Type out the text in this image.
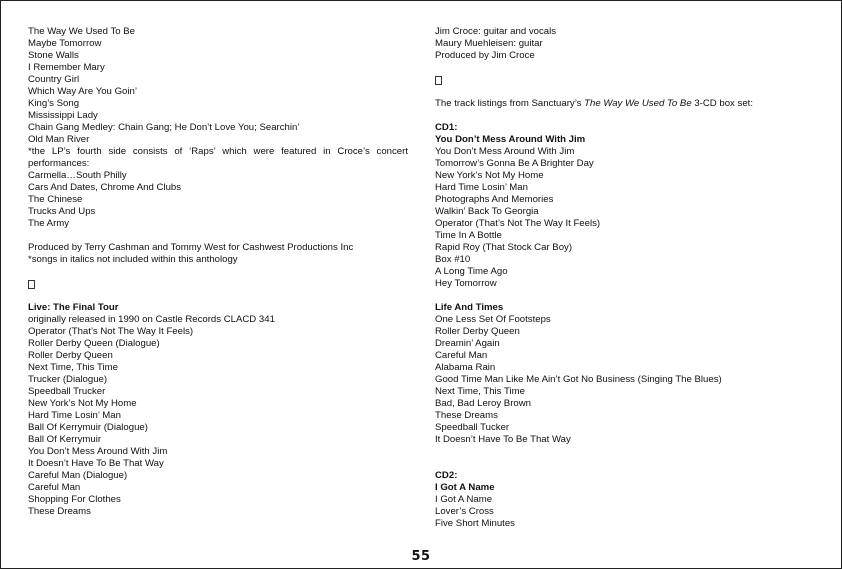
The Way We Used To Be
Maybe Tomorrow
Stone Walls
I Remember Mary
Country Girl
Which Way Are You Goin’
King’s Song
Mississippi Lady
Chain Gang Medley: Chain Gang; He Don’t Love You; Searchin’
Old Man River
*the LP’s fourth side consists of ‘Raps’ which were featured in Croce’s concert performances:
Carmella…South Philly
Cars And Dates, Chrome And Clubs
The Chinese
Trucks And Ups
The Army
Produced by Terry Cashman and Tommy West for Cashwest Productions Inc
*songs in italics not included within this anthology
Live: The Final Tour
originally released in 1990 on Castle Records CLACD 341
Operator (That’s Not The Way It Feels)
Roller Derby Queen (Dialogue)
Roller Derby Queen
Next Time, This Time
Trucker (Dialogue)
Speedball Trucker
New York’s Not My Home
Hard Time Losin’ Man
Ball Of Kerrymuir (Dialogue)
Ball Of Kerrymuir
You Don’t Mess Around With Jim
It Doesn’t Have To Be That Way
Careful Man (Dialogue)
Careful Man
Shopping For Clothes
These Dreams
Jim Croce: guitar and vocals
Maury Muehleisen: guitar
Produced by Jim Croce
The track listings from Sanctuary’s The Way We Used To Be 3-CD box set:
CD1:
You Don’t Mess Around With Jim
You Don’t Mess Around With Jim
Tomorrow’s Gonna Be A Brighter Day
New York’s Not My Home
Hard Time Losin’ Man
Photographs And Memories
Walkin’ Back To Georgia
Operator (That’s Not The Way It Feels)
Time In A Bottle
Rapid Roy (That Stock Car Boy)
Box #10
A Long Time Ago
Hey Tomorrow
Life And Times
One Less Set Of Footsteps
Roller Derby Queen
Dreamin’ Again
Careful Man
Alabama Rain
Good Time Man Like Me Ain’t Got No Business (Singing The Blues)
Next Time, This Time
Bad, Bad Leroy Brown
These Dreams
Speedball Tucker
It Doesn’t Have To Be That Way
CD2:
I Got A Name
I Got A Name
Lover’s Cross
Five Short Minutes
55
